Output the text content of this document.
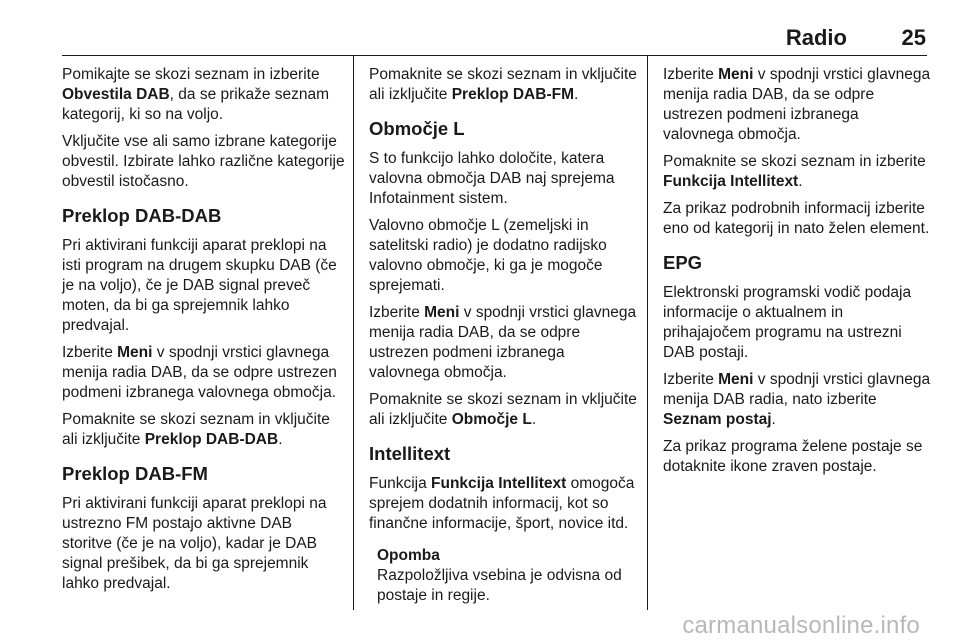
Radio 25

Pomikajte se skozi seznam in izberite Obvestila DAB, da se prikaže seznam kategorij, ki so na voljo.

Vključite vse ali samo izbrane kategorije obvestil. Izbirate lahko različne kategorije obvestil istočasno.

Preklop DAB-DAB

Pri aktivirani funkciji aparat preklopi na isti program na drugem skupku DAB (če je na voljo), če je DAB signal preveč moten, da bi ga sprejemnik lahko predvajal.

Izberite Meni v spodnji vrstici glavnega menija radia DAB, da se odpre ustrezen podmeni izbranega valovnega območja.

Pomaknite se skozi seznam in vključite ali izključite Preklop DAB-DAB.

Preklop DAB-FM

Pri aktivirani funkciji aparat preklopi na ustrezno FM postajo aktivne DAB storitve (če je na voljo), kadar je DAB signal prešibek, da bi ga sprejemnik lahko predvajal.

Pomaknite se skozi seznam in vključite ali izključite Preklop DAB-FM.

Območje L

S to funkcijo lahko določite, katera valovna območja DAB naj sprejema Infotainment sistem.

Valovno območje L (zemeljski in satelitski radio) je dodatno radijsko valovno območje, ki ga je mogoče sprejemati.

Izberite Meni v spodnji vrstici glavnega menija radia DAB, da se odpre ustrezen podmeni izbranega valovnega območja.

Pomaknite se skozi seznam in vključite ali izključite Območje L.

Intellitext

Funkcija Funkcija Intellitext omogoča sprejem dodatnih informacij, kot so finančne informacije, šport, novice itd.

Opomba

Razpoložljiva vsebina je odvisna od postaje in regije.

Izberite Meni v spodnji vrstici glavnega menija radia DAB, da se odpre ustrezen podmeni izbranega valovnega območja.

Pomaknite se skozi seznam in izberite Funkcija Intellitext.

Za prikaz podrobnih informacij izberite eno od kategorij in nato želen element.

EPG

Elektronski programski vodič podaja informacije o aktualnem in prihajajočem programu na ustrezni DAB postaji.

Izberite Meni v spodnji vrstici glavnega menija DAB radia, nato izberite Seznam postaj.

Za prikaz programa želene postaje se dotaknite ikone zraven postaje.

carmanualsonline.info
